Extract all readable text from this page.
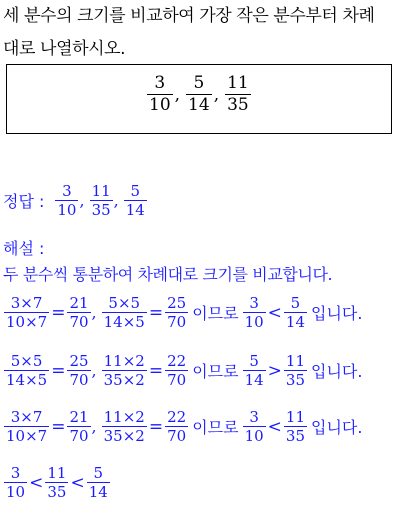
세 분수의 크기를 비교하여 가장 작은 분수부터 차례
대로 나열하시오.
$\frac{3}{10}$ , $\frac{5}{14}$ , $\frac{11}{35}$
정답 : $\frac{3}{10}$ , $\frac{11}{35}$ , $\frac{5}{14}$
해설 :
두 분수씩 통분하여 차례대로 크기를 비교합니다.
$\frac{3\times 7}{10\times 7} = \frac{21}{70}$ , $\frac{5\times 5}{14\times 5} = \frac{25}{70}$ 이므로 $\frac{3}{10} < \frac{5}{14}$ 입니다.
$\frac{5\times 5}{14\times 5} = \frac{25}{70}$ , $\frac{11\times 2}{35\times 2} = \frac{22}{70}$ 이므로 $\frac{5}{14} > \frac{11}{35}$ 입니다.
$\frac{3\times 7}{10\times 7} = \frac{21}{70}$ , $\frac{11\times 2}{35\times 2} = \frac{22}{70}$ 이므로 $\frac{3}{10} < \frac{11}{35}$ 입니다.
$\frac{3}{10} < \frac{11}{35} < \frac{5}{14}$
